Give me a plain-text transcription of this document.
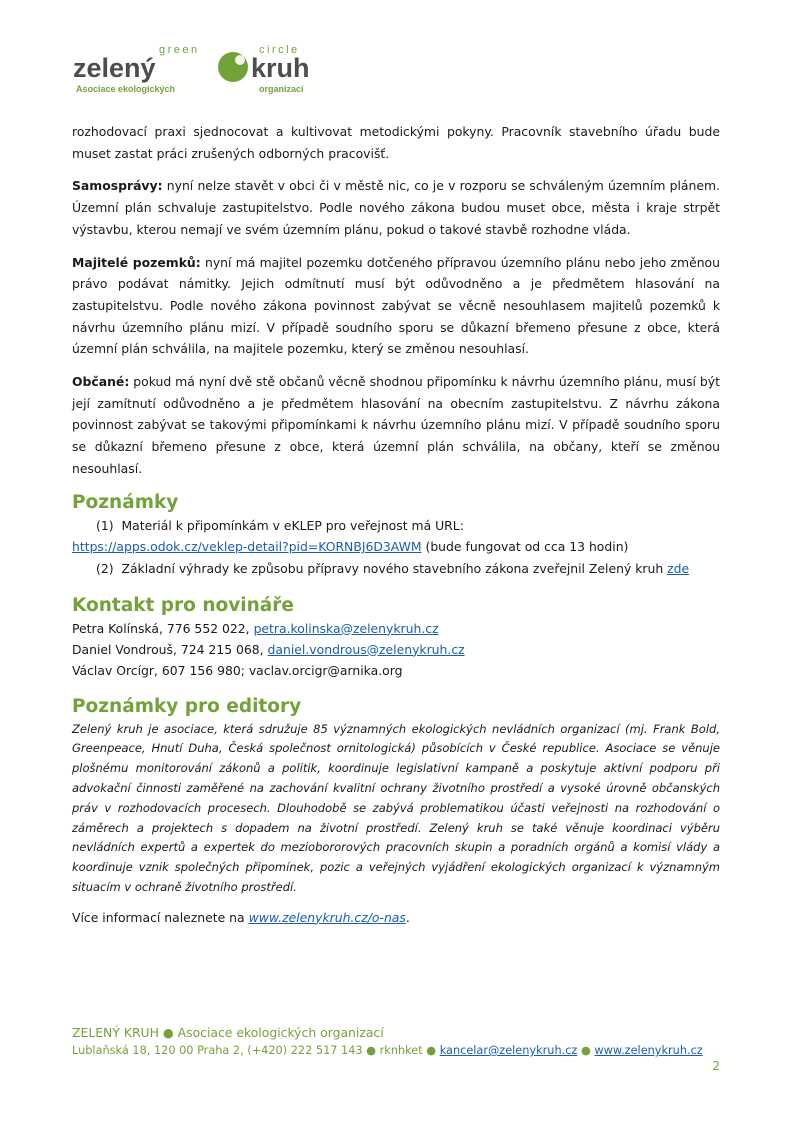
green	circle
zelený	kruh
Asociace ekologických	organizací

rozhodovací praxi sjednocovat a kultivovat metodickými pokyny. Pracovník stavebního úřadu bude muset zastat práci zrušených odborných pracovišť.

Samosprávy: nyní nelze stavět v obci či v městě nic, co je v rozporu se schváleným územním plánem. Územní plán schvaluje zastupitelstvo. Podle nového zákona budou muset obce, města i kraje strpět výstavbu, kterou nemají ve svém územním plánu, pokud o takové stavbě rozhodne vláda.

Majitelé pozemků: nyní má majitel pozemku dotčeného přípravou územního plánu nebo jeho změnou právo podávat námitky. Jejich odmítnutí musí být odůvodněno a je předmětem hlasování na zastupitelstvu. Podle nového zákona povinnost zabývat se věcně nesouhlasem majitelů pozemků k návrhu územního plánu mizí. V případě soudního sporu se důkazní břemeno přesune z obce, která územní plán schválila, na majitele pozemku, který se změnou nesouhlasí.

Občané: pokud má nyní dvě stě občanů věcně shodnou připomínku k návrhu územního plánu, musí být její zamítnutí odůvodněno a je předmětem hlasování na obecním zastupitelstvu. Z návrhu zákona povinnost zabývat se takovými připomínkami k návrhu územního plánu mizí. V případě soudního sporu se důkazní břemeno přesune z obce, která územní plán schválila, na občany, kteří se změnou nesouhlasí.

Poznámky
(1) Materiál k připomínkám v eKLEP pro veřejnost má URL:
https://apps.odok.cz/veklep-detail?pid=KORNBJ6D3AWM (bude fungovat od cca 13 hodin)
(2) Základní výhrady ke způsobu přípravy nového stavebního zákona zveřejnil Zelený kruh zde
Kontakt pro novináře
Petra Kolínská, 776 552 022, petra.kolinska@zelenykruh.cz
Daniel Vondrouš, 724 215 068, daniel.vondrous@zelenykruh.cz
Václav Orcígr, 607 156 980; vaclav.orcigr@arnika.org
Poznámky pro editory

Zelený kruh je asociace, která sdružuje 85 významných ekologických nevládních organizací (mj. Frank Bold, Greenpeace, Hnutí Duha, Česká společnost ornitologická) působících v České republice. Asociace se věnuje plošnému monitorování zákonů a politik, koordinuje legislativní kampaně a poskytuje aktivní podporu při advokační činnosti zaměřené na zachování kvalitní ochrany životního prostředí a vysoké úrovně občanských práv v rozhodovacích procesech. Dlouhodobě se zabývá problematikou účasti veřejnosti na rozhodování o záměrech a projektech s dopadem na životní prostředí. Zelený kruh se také věnuje koordinaci výběru nevládních expertů a expertek do meziobororových pracovních skupin a poradních orgánů a komisí vlády a koordinuje vznik společných připomínek, pozic a veřejných vyjádření ekologických organizací k významným situacím v ochraně životního prostředí.

Více informací naleznete na www.zelenykruh.cz/o-nas.

ZELENÝ KRUH ● Asociace ekologických organizací
Lublaňská 18, 120 00 Praha 2, (+420) 222 517 143 ● rknhket ● kancelar@zelenykruh.cz ● www.zelenykruh.cz
2
